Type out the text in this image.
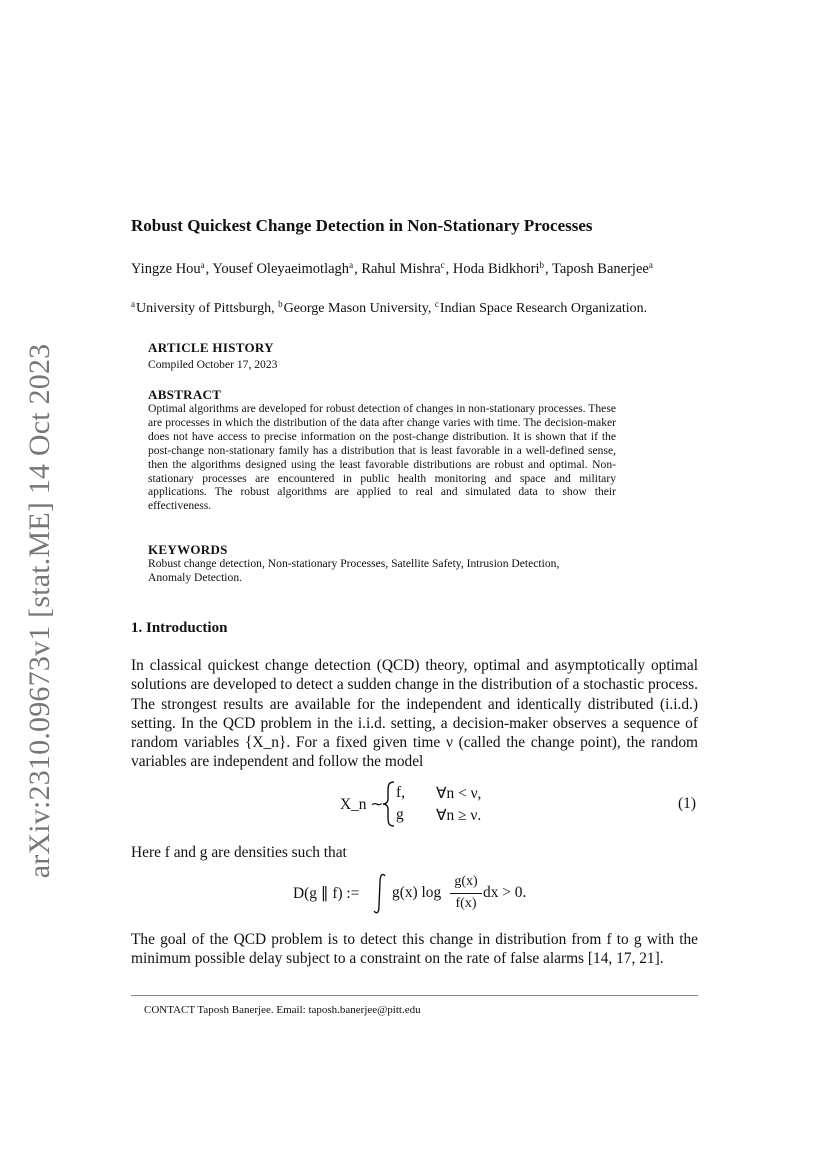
arXiv:2310.09673v1 [stat.ME] 14 Oct 2023
Robust Quickest Change Detection in Non-Stationary Processes
Yingze Hou$^a$, Yousef Oleyaeimotlagh$^a$, Rahul Mishra$^c$, Hoda Bidkhori$^b$, Taposh Banerjee$^a$
$^a$University of Pittsburgh, $^b$George Mason University, $^c$Indian Space Research Organization.
ARTICLE HISTORY
Compiled October 17, 2023
ABSTRACT
Optimal algorithms are developed for robust detection of changes in non-stationary processes. These are processes in which the distribution of the data after change varies with time. The decision-maker does not have access to precise information on the post-change distribution. It is shown that if the post-change non-stationary family has a distribution that is least favorable in a well-defined sense, then the algorithms designed using the least favorable distributions are robust and optimal. Non-stationary processes are encountered in public health monitoring and space and military applications. The robust algorithms are applied to real and simulated data to show their effectiveness.
KEYWORDS
Robust change detection, Non-stationary Processes, Satellite Safety, Intrusion Detection, Anomaly Detection.
1. Introduction
In classical quickest change detection (QCD) theory, optimal and asymptotically optimal solutions are developed to detect a sudden change in the distribution of a stochastic process. The strongest results are available for the independent and identically distributed (i.i.d.) setting. In the QCD problem in the i.i.d. setting, a decision-maker observes a sequence of random variables {X_n}. For a fixed given time ν (called the change point), the random variables are independent and follow the model
X_n ∼
f, ∀n < ν,
g ∀n ≥ ν.
(1)
Here f and g are densities such that
D(g ∥ f) := g(x) log
g(x)
f(x)
dx > 0.
The goal of the QCD problem is to detect this change in distribution from f to g with the minimum possible delay subject to a constraint on the rate of false alarms [14, 17, 21].
CONTACT Taposh Banerjee. Email: taposh.banerjee@pitt.edu
